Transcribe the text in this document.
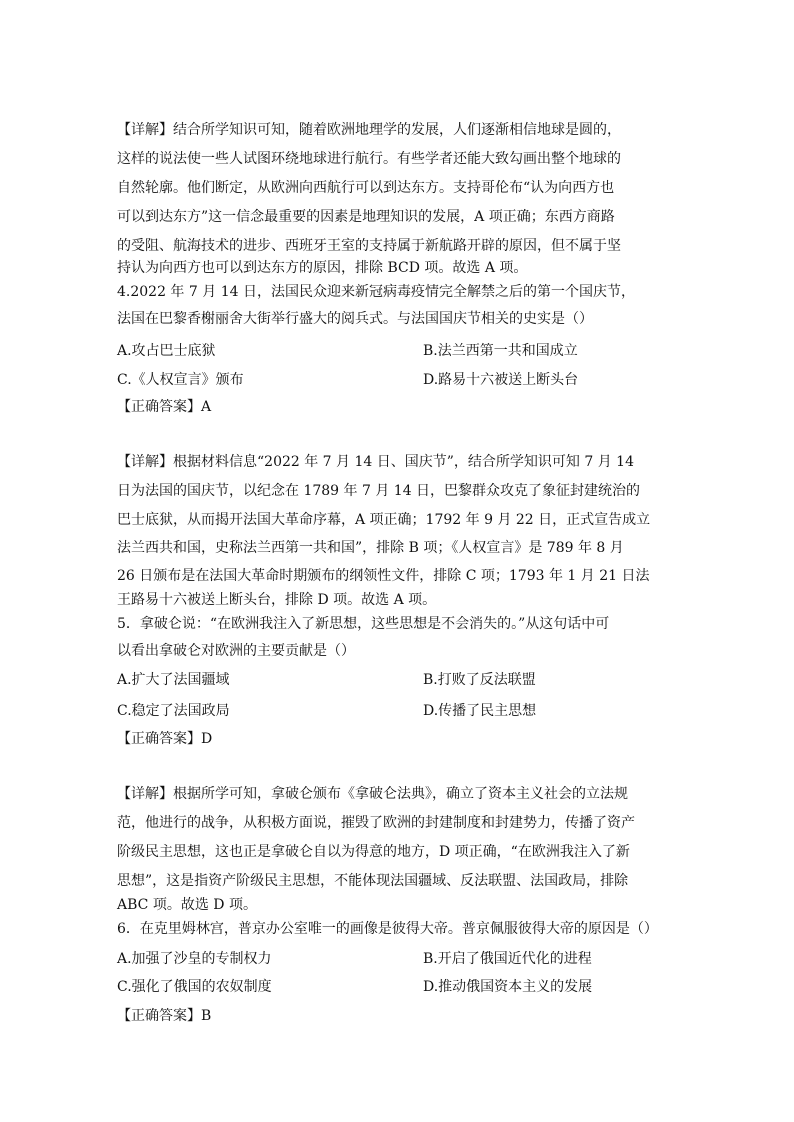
【详解】结合所学知识可知，随着欧洲地理学的发展，人们逐渐相信地球是圆的，
这样的说法使一些人试图环绕地球进行航行。有些学者还能大致勾画出整个地球的
自然轮廓。他们断定，从欧洲向西航行可以到达东方。支持哥伦布“认为向西方也
可以到达东方”这一信念最重要的因素是地理知识的发展，A 项正确；东西方商路
的受阻、航海技术的进步、西班牙王室的支持属于新航路开辟的原因，但不属于坚
持认为向西方也可以到达东方的原因，排除 BCD 项。故选 A 项。
4.2022 年 7 月 14 日，法国民众迎来新冠病毒疫情完全解禁之后的第一个国庆节，
法国在巴黎香榭丽舍大街举行盛大的阅兵式。与法国国庆节相关的史实是（）
A.攻占巴士底狱	B.法兰西第一共和国成立
C.《人权宣言》颁布	D.路易十六被送上断头台
【正确答案】A
【详解】根据材料信息“2022 年 7 月 14 日、国庆节”，结合所学知识可知 7 月 14
日为法国的国庆节，以纪念在 1789 年 7 月 14 日，巴黎群众攻克了象征封建统治的
巴士底狱，从而揭开法国大革命序幕，A 项正确；1792 年 9 月 22 日，正式宣告成立
法兰西共和国，史称法兰西第一共和国”，排除 B 项；《人权宣言》是 789 年 8 月
26 日颁布是在法国大革命时期颁布的纲领性文件，排除 C 项；1793 年 1 月 21 日法
王路易十六被送上断头台，排除 D 项。故选 A 项。
5．拿破仑说：“在欧洲我注入了新思想，这些思想是不会消失的。”从这句话中可
以看出拿破仑对欧洲的主要贡献是（）
A.扩大了法国疆域	B.打败了反法联盟
C.稳定了法国政局	D.传播了民主思想
【正确答案】D
【详解】根据所学可知，拿破仑颁布《拿破仑法典》，确立了资本主义社会的立法规
范，他进行的战争，从积极方面说，摧毁了欧洲的封建制度和封建势力，传播了资产
阶级民主思想，这也正是拿破仑自以为得意的地方，D 项正确，“在欧洲我注入了新
思想”，这是指资产阶级民主思想，不能体现法国疆域、反法联盟、法国政局，排除
ABC 项。故选 D 项。
6．在克里姆林宫，普京办公室唯一的画像是彼得大帝。普京佩服彼得大帝的原因是（）
A.加强了沙皇的专制权力	B.开启了俄国近代化的进程
C.强化了俄国的农奴制度	D.推动俄国资本主义的发展
【正确答案】B
